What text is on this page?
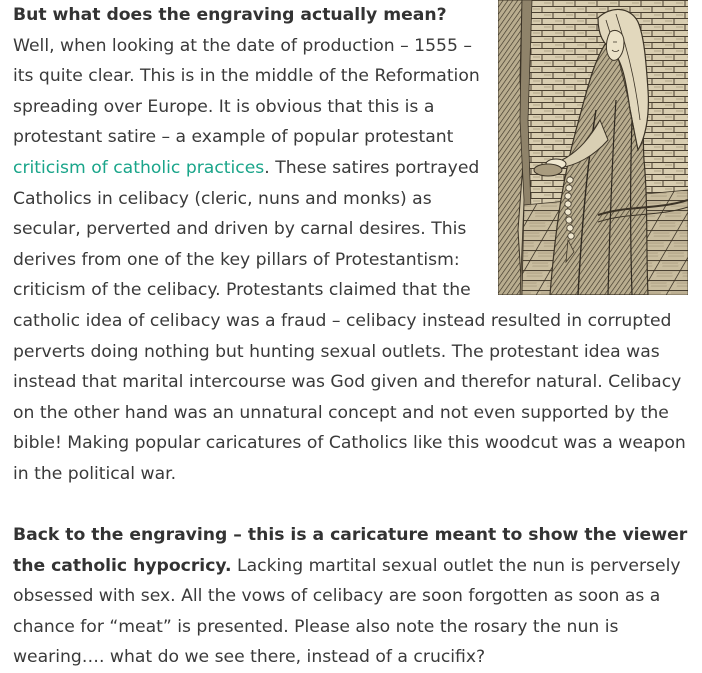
But what does the engraving actually mean? Well, when looking at the date of production – 1555 – its quite clear. This is in the middle of the Reformation spreading over Europe. It is obvious that this is a protestant satire – a example of popular protestant criticism of catholic practices. These satires portrayed Catholics in celibacy (cleric, nuns and monks) as secular, perverted and driven by carnal desires. This derives from one of the key pillars of Protestantism: criticism of the celibacy. Protestants claimed that the catholic idea of celibacy was a fraud – celibacy instead resulted in corrupted perverts doing nothing but hunting sexual outlets. The protestant idea was instead that marital intercourse was God given and therefor natural. Celibacy on the other hand was an unnatural concept and not even supported by the bible! Making popular caricatures of Catholics like this woodcut was a weapon in the political war.

Back to the engraving – this is a caricature meant to show the viewer the catholic hypocricy. Lacking martital sexual outlet the nun is perversely obsessed with sex. All the vows of celibacy are soon forgotten as soon as a chance for “meat” is presented. Please also note the rosary the nun is wearing…. what do we see there, instead of a crucifix?
